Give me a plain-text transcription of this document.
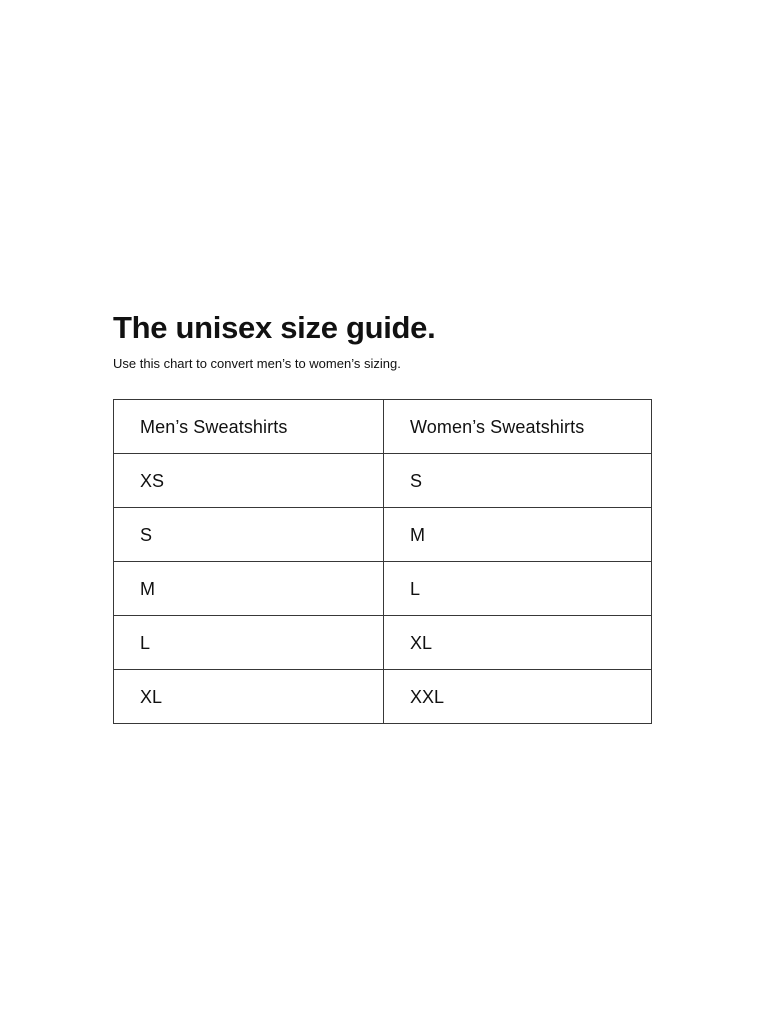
The unisex size guide.

Use this chart to convert men’s to women’s sizing.

Men’s Sweatshirts	Women’s Sweatshirts
XS	S
S	M
M	L
L	XL
XL	XXL
